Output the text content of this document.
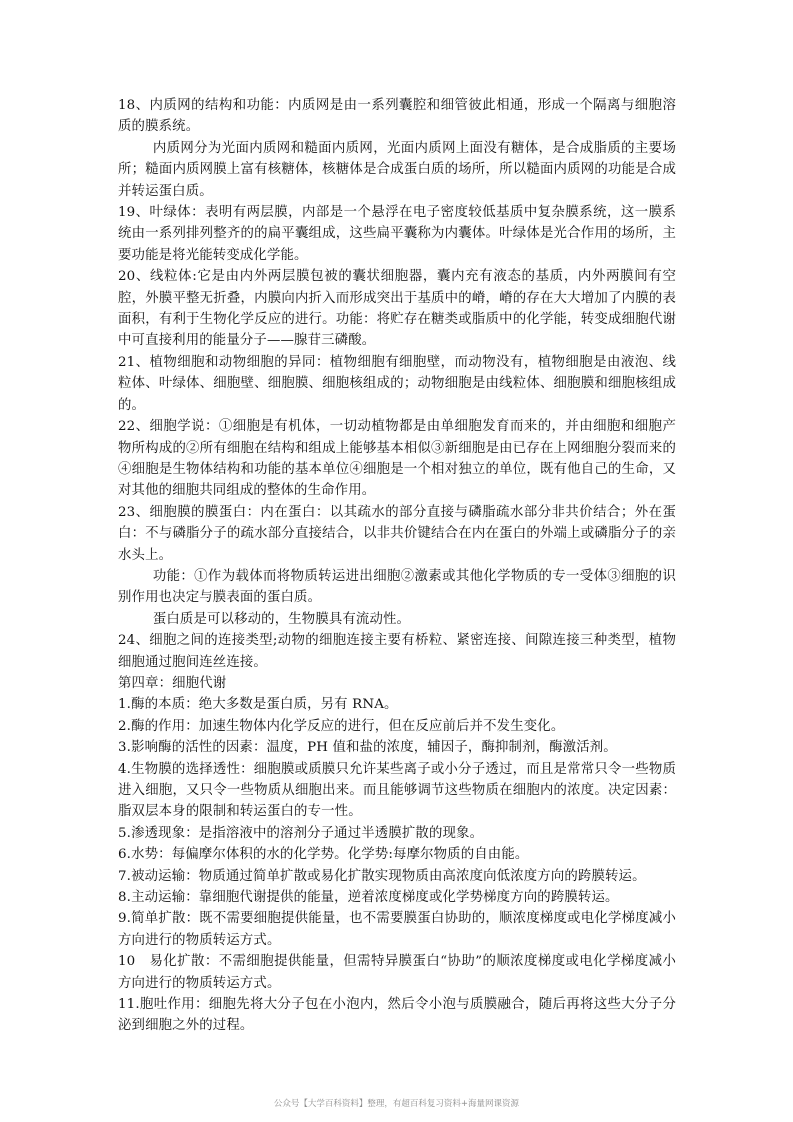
18、内质网的结构和功能：内质网是由一系列囊腔和细管彼此相通，形成一个隔离与细胞溶质的膜系统。

内质网分为光面内质网和糙面内质网，光面内质网上面没有糖体，是合成脂质的主要场所；糙面内质网膜上富有核糖体，核糖体是合成蛋白质的场所，所以糙面内质网的功能是合成并转运蛋白质。

19、叶绿体：表明有两层膜，内部是一个悬浮在电子密度较低基质中复杂膜系统，这一膜系统由一系列排列整齐的的扁平囊组成，这些扁平囊称为内囊体。叶绿体是光合作用的场所，主要功能是将光能转变成化学能。

20、线粒体:它是由内外两层膜包被的囊状细胞器，囊内充有液态的基质，内外两膜间有空腔，外膜平整无折叠，内膜向内折入而形成突出于基质中的嵴，嵴的存在大大增加了内膜的表面积，有利于生物化学反应的进行。功能：将贮存在糖类或脂质中的化学能，转变成细胞代谢中可直接利用的能量分子——腺苷三磷酸。

21、植物细胞和动物细胞的异同：植物细胞有细胞壁，而动物没有，植物细胞是由液泡、线粒体、叶绿体、细胞壁、细胞膜、细胞核组成的；动物细胞是由线粒体、细胞膜和细胞核组成的。

22、细胞学说：①细胞是有机体，一切动植物都是由单细胞发育而来的，并由细胞和细胞产物所构成的②所有细胞在结构和组成上能够基本相似③新细胞是由已存在上网细胞分裂而来的④细胞是生物体结构和功能的基本单位④细胞是一个相对独立的单位，既有他自己的生命，又对其他的细胞共同组成的整体的生命作用。

23、细胞膜的膜蛋白：内在蛋白：以其疏水的部分直接与磷脂疏水部分非共价结合；外在蛋白：不与磷脂分子的疏水部分直接结合，以非共价键结合在内在蛋白的外端上或磷脂分子的亲水头上。

功能：①作为载体而将物质转运进出细胞②激素或其他化学物质的专一受体③细胞的识别作用也决定与膜表面的蛋白质。

蛋白质是可以移动的，生物膜具有流动性。

24、细胞之间的连接类型;动物的细胞连接主要有桥粒、紧密连接、间隙连接三种类型，植物细胞通过胞间连丝连接。

第四章：细胞代谢

1.酶的本质：绝大多数是蛋白质，另有 RNA。

2.酶的作用：加速生物体内化学反应的进行，但在反应前后并不发生变化。

3.影响酶的活性的因素：温度，PH 值和盐的浓度，辅因子，酶抑制剂，酶激活剂。

4.生物膜的选择透性：细胞膜或质膜只允许某些离子或小分子透过，而且是常常只令一些物质进入细胞，又只令一些物质从细胞出来。而且能够调节这些物质在细胞内的浓度。决定因素：脂双层本身的限制和转运蛋白的专一性。

5.渗透现象：是指溶液中的溶剂分子通过半透膜扩散的现象。

6.水势：每偏摩尔体积的水的化学势。化学势:每摩尔物质的自由能。

7.被动运输：物质通过简单扩散或易化扩散实现物质由高浓度向低浓度方向的跨膜转运。

8.主动运输：靠细胞代谢提供的能量，逆着浓度梯度或化学势梯度方向的跨膜转运。

9.简单扩散：既不需要细胞提供能量，也不需要膜蛋白协助的，顺浓度梯度或电化学梯度减小方向进行的物质转运方式。

10　易化扩散：不需细胞提供能量，但需特异膜蛋白“协助”的顺浓度梯度或电化学梯度减小方向进行的物质转运方式。

11.胞吐作用：细胞先将大分子包在小泡内，然后令小泡与质膜融合，随后再将这些大分子分泌到细胞之外的过程。

公众号【大学百科资料】整理，有超百科复习资料+海量网课资源
